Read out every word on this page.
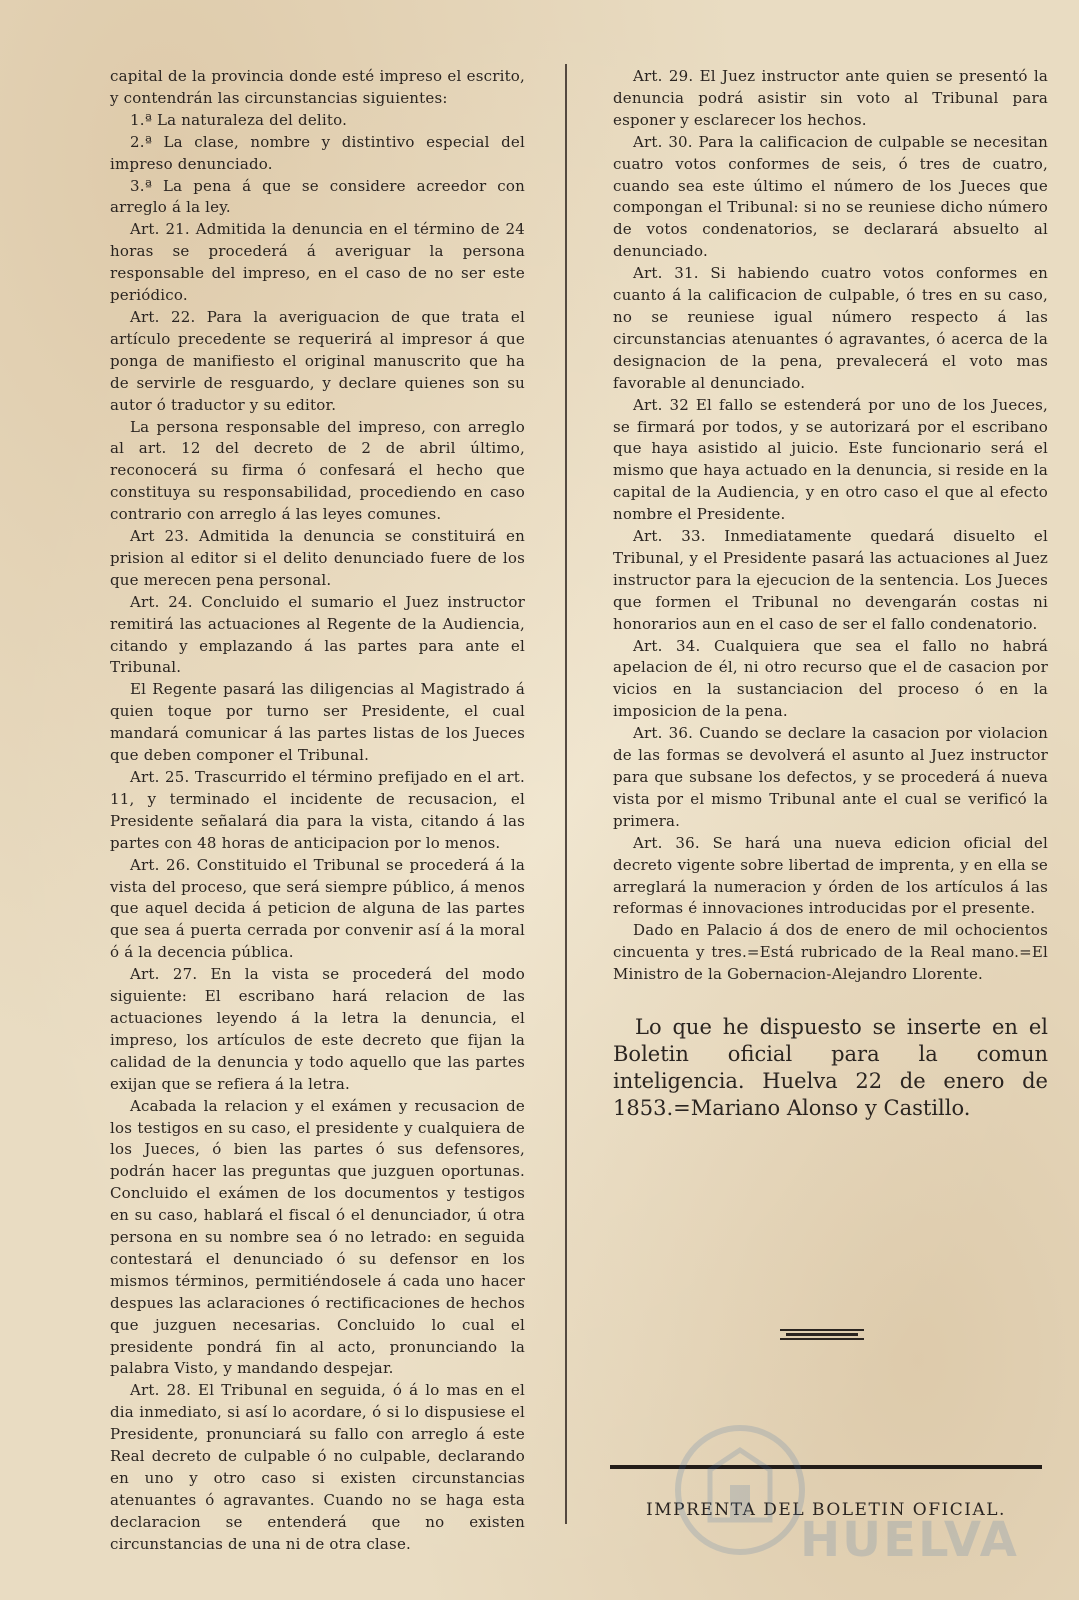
capital de la provincia donde esté impreso el escrito, y contendrán las circunstancias siguientes:

1.ª La naturaleza del delito.

2.ª La clase, nombre y distintivo especial del impreso denunciado.

3.ª La pena á que se considere acreedor con arreglo á la ley.

Art. 21. Admitida la denuncia en el término de 24 horas se procederá á averiguar la persona responsable del impreso, en el caso de no ser este periódico.

Art. 22. Para la averiguacion de que trata el artículo precedente se requerirá al impresor á que ponga de manifiesto el original manuscrito que ha de servirle de resguardo, y declare quienes son su autor ó traductor y su editor.

La persona responsable del impreso, con arreglo al art. 12 del decreto de 2 de abril último, reconocerá su firma ó confesará el hecho que constituya su responsabilidad, procediendo en caso contrario con arreglo á las leyes comunes.

Art 23. Admitida la denuncia se constituirá en prision al editor si el delito denunciado fuere de los que merecen pena personal.

Art. 24. Concluido el sumario el Juez instructor remitirá las actuaciones al Regente de la Audiencia, citando y emplazando á las partes para ante el Tribunal.

El Regente pasará las diligencias al Magistrado á quien toque por turno ser Presidente, el cual mandará comunicar á las partes listas de los Jueces que deben componer el Tribunal.

Art. 25. Trascurrido el término prefijado en el art. 11, y terminado el incidente de recusacion, el Presidente señalará dia para la vista, citando á las partes con 48 horas de anticipacion por lo menos.

Art. 26. Constituido el Tribunal se procederá á la vista del proceso, que será siempre público, á menos que aquel decida á peticion de alguna de las partes que sea á puerta cerrada por convenir así á la moral ó á la decencia pública.

Art. 27. En la vista se procederá del modo siguiente: El escribano hará relacion de las actuaciones leyendo á la letra la denuncia, el impreso, los artículos de este decreto que fijan la calidad de la denuncia y todo aquello que las partes exijan que se refiera á la letra.

Acabada la relacion y el exámen y recusacion de los testigos en su caso, el presidente y cualquiera de los Jueces, ó bien las partes ó sus defensores, podrán hacer las preguntas que juzguen oportunas. Concluido el exámen de los documentos y testigos en su caso, hablará el fiscal ó el denunciador, ú otra persona en su nombre sea ó no letrado: en seguida contestará el denunciado ó su defensor en los mismos términos, permitiéndosele á cada uno hacer despues las aclaraciones ó rectificaciones de hechos que juzguen necesarias. Concluido lo cual el presidente pondrá fin al acto, pronunciando la palabra Visto, y mandando despejar.

Art. 28. El Tribunal en seguida, ó á lo mas en el dia inmediato, si así lo acordare, ó si lo dispusiese el Presidente, pronunciará su fallo con arreglo á este Real decreto de culpable ó no culpable, declarando en uno y otro caso si existen circunstancias atenuantes ó agravantes. Cuando no se haga esta declaracion se entenderá que no existen circunstancias de una ni de otra clase.

Art. 29. El Juez instructor ante quien se presentó la denuncia podrá asistir sin voto al Tribunal para esponer y esclarecer los hechos.

Art. 30. Para la calificacion de culpable se necesitan cuatro votos conformes de seis, ó tres de cuatro, cuando sea este último el número de los Jueces que compongan el Tribunal: si no se reuniese dicho número de votos condenatorios, se declarará absuelto al denunciado.

Art. 31. Si habiendo cuatro votos conformes en cuanto á la calificacion de culpable, ó tres en su caso, no se reuniese igual número respecto á las circunstancias atenuantes ó agravantes, ó acerca de la designacion de la pena, prevalecerá el voto mas favorable al denunciado.

Art. 32 El fallo se estenderá por uno de los Jueces, se firmará por todos, y se autorizará por el escribano que haya asistido al juicio. Este funcionario será el mismo que haya actuado en la denuncia, si reside en la capital de la Audiencia, y en otro caso el que al efecto nombre el Presidente.

Art. 33. Inmediatamente quedará disuelto el Tribunal, y el Presidente pasará las actuaciones al Juez instructor para la ejecucion de la sentencia. Los Jueces que formen el Tribunal no devengarán costas ni honorarios aun en el caso de ser el fallo condenatorio.

Art. 34. Cualquiera que sea el fallo no habrá apelacion de él, ni otro recurso que el de casacion por vicios en la sustanciacion del proceso ó en la imposicion de la pena.

Art. 36. Cuando se declare la casacion por violacion de las formas se devolverá el asunto al Juez instructor para que subsane los defectos, y se procederá á nueva vista por el mismo Tribunal ante el cual se verificó la primera.

Art. 36. Se hará una nueva edicion oficial del decreto vigente sobre libertad de imprenta, y en ella se arreglará la numeracion y órden de los artículos á las reformas é innovaciones introducidas por el presente.

Dado en Palacio á dos de enero de mil ochocientos cincuenta y tres.=Está rubricado de la Real mano.=El Ministro de la Gobernacion-Alejandro Llorente.

Lo que he dispuesto se inserte en el Boletin oficial para la comun inteligencia. Huelva 22 de enero de 1853.=Mariano Alonso y Castillo.
IMPRENTA DEL BOLETIN OFICIAL.
HUELVA
